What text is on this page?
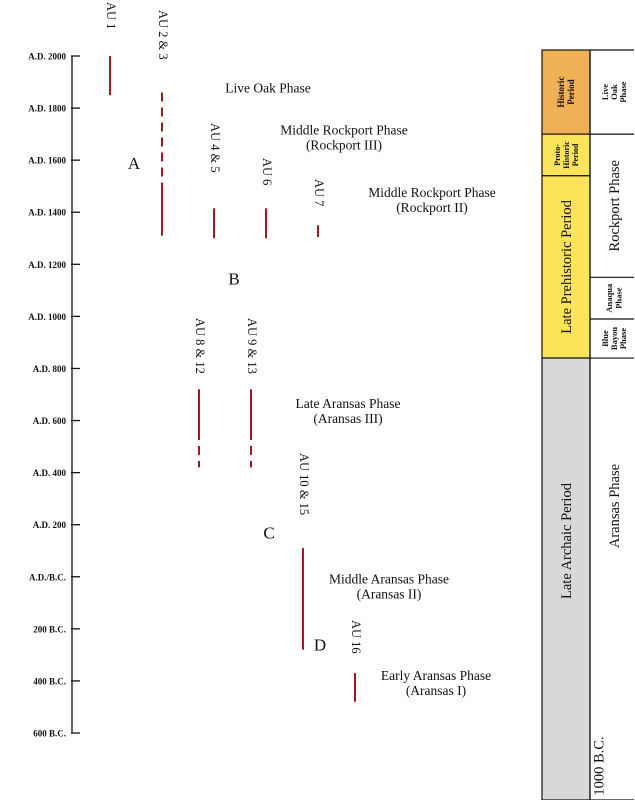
A.D. 2000
A.D. 1800
A.D. 1600
A.D. 1400
A.D. 1200
A.D. 1000
A.D. 800
A.D. 600
A.D. 400
A.D. 200
A.D./B.C.
200 B.C.
400 B.C.
600 B.C.
AU 1	AU 2 & 3
AU 4 & 5	AU 6
AU 7
AU 8 & 12	AU 9 & 13
AU 10 & 15
AU 16
Live Oak Phase
Middle Rockport Phase
(Rockport III)
Middle Rockport Phase
(Rockport II)
Late Aransas Phase
(Aransas III)
Middle Aransas Phase
(Aransas II)
Early Aransas Phase
(Aransas I)
A
B
C
D
Historic Period
Proto- Historic Period
Late Prehistoric Period
Late Archaic Period
Live Oak Phase
Rockport Phase
Anaqua Phase
Blue Bayou Phase
Aransas Phase
1000 B.C.
